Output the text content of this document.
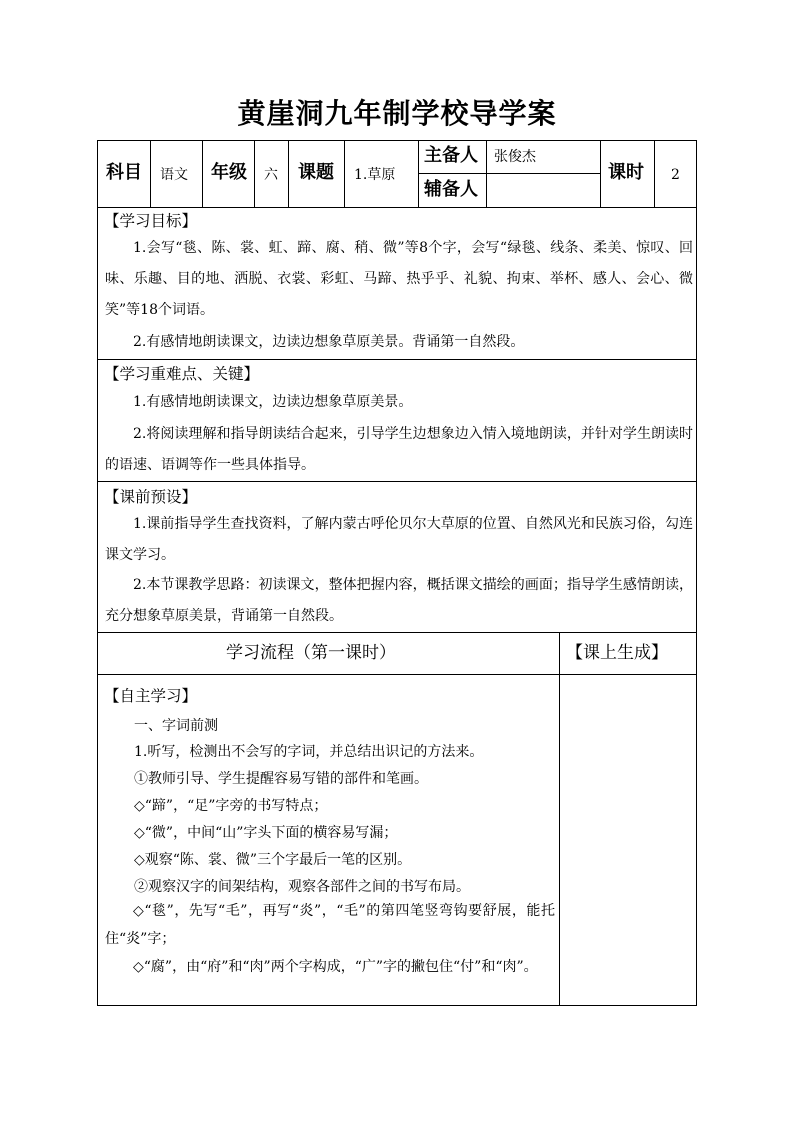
黄崖洞九年制学校导学案
科目 语文 年级 六 课题 1.草原
主备人 张俊杰
辅备人
课时 2
【学习目标】
1.会写“毯、陈、裳、虹、蹄、腐、稍、微”等8个字，会写“绿毯、线条、柔美、惊叹、回味、乐趣、目的地、洒脱、衣裳、彩虹、马蹄、热乎乎、礼貌、拘束、举杯、感人、会心、微笑”等18个词语。
2.有感情地朗读课文，边读边想象草原美景。背诵第一自然段。
【学习重难点、关键】
1.有感情地朗读课文，边读边想象草原美景。
2.将阅读理解和指导朗读结合起来，引导学生边想象边入情入境地朗读，并针对学生朗读时的语速、语调等作一些具体指导。
【课前预设】
1.课前指导学生查找资料，了解内蒙古呼伦贝尔大草原的位置、自然风光和民族习俗，勾连课文学习。
2.本节课教学思路：初读课文，整体把握内容，概括课文描绘的画面；指导学生感情朗读，充分想象草原美景，背诵第一自然段。
学习流程（第一课时）	【课上生成】
【自主学习】
一、字词前测
1.听写，检测出不会写的字词，并总结出识记的方法来。
①教师引导、学生提醒容易写错的部件和笔画。
◇“蹄”，“足”字旁的书写特点；
◇“微”，中间“山”字头下面的横容易写漏；
◇观察“陈、裳、微”三个字最后一笔的区别。
②观察汉字的间架结构，观察各部件之间的书写布局。
◇“毯”，先写“毛”，再写“炎”，“毛”的第四笔竖弯钩要舒展，能托住“炎”字；
◇“腐”，由“府”和“肉”两个字构成，“广”字的撇包住“付”和“肉”。
